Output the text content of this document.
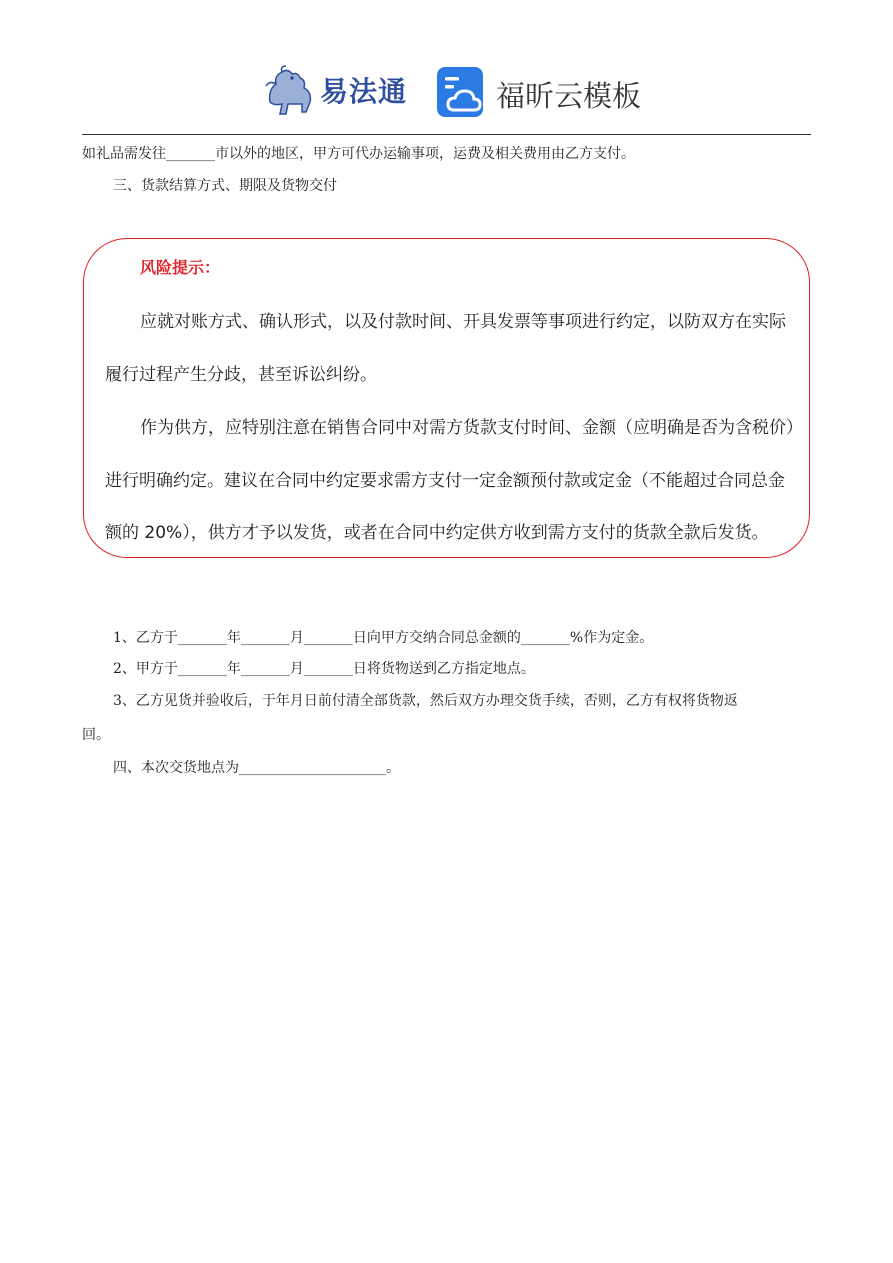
易法通	福昕云模板
如礼品需发往_______市以外的地区，甲方可代办运输事项，运费及相关费用由乙方支付。
三、货款结算方式、期限及货物交付
风险提示：
应就对账方式、确认形式，以及付款时间、开具发票等事项进行约定，以防双方在实际
履行过程产生分歧，甚至诉讼纠纷。
作为供方，应特别注意在销售合同中对需方货款支付时间、金额（应明确是否为含税价）
进行明确约定。建议在合同中约定要求需方支付一定金额预付款或定金（不能超过合同总金
额的 20%），供方才予以发货，或者在合同中约定供方收到需方支付的货款全款后发货。
1、乙方于_______年_______月_______日向甲方交纳合同总金额的_______%作为定金。
2、甲方于_______年_______月_______日将货物送到乙方指定地点。
3、乙方见货并验收后，于年月日前付清全部货款，然后双方办理交货手续，否则，乙方有权将货物返
回。
四、本次交货地点为_____________________。
